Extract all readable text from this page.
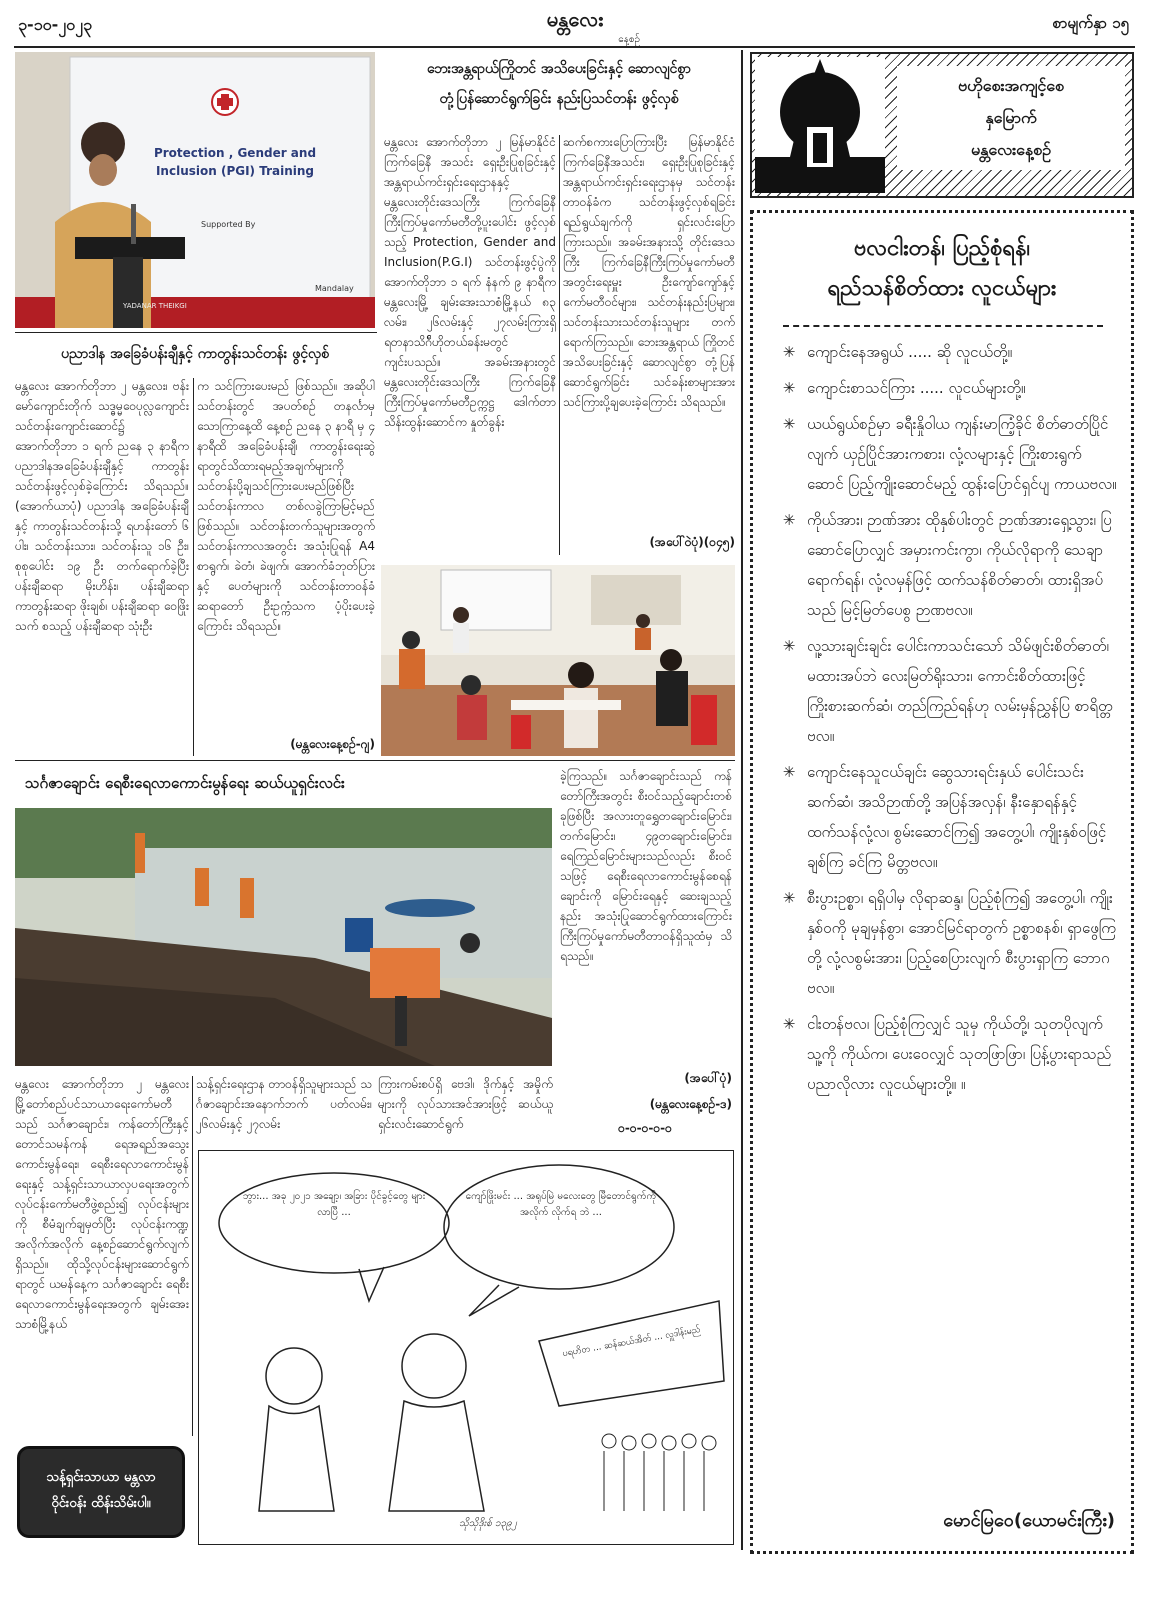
၃-၁၀-၂၀၂၃	မန္တလေး
နေ့စဉ်
စာမျက်နှာ ၁၅
Protection , Gender and Inclusion (PGI) Training
Supported By
YADANAR THEIKGI
Mandalay
ဘေးအန္တရာယ်ကြိုတင် အသိပေးခြင်းနှင့် ဆောလျင်စွာ
တုံ့ပြန်ဆောင်ရွက်ခြင်း နည်းပြသင်တန်း ဖွင့်လှစ်
မန္တလေး အောက်တိုဘာ ၂ မြန်မာနိုင်ငံကြက်ခြေနီ အသင်း ရှေးဦးပြုစုခြင်းနှင့် အန္တရာယ်ကင်းရှင်းရေးဌာနနှင့် မန္တလေးတိုင်းဒေသကြီး ကြက်ခြေနီကြီးကြပ်မှုကော်မတီတို့ပူးပေါင်း ဖွင့်လှစ်သည့် Protection, Gender and Inclusion(P.G.I) သင်တန်းဖွင့်ပွဲကို အောက်တိုဘာ ၁ ရက် နံနက် ၉ နာရီက မန္တလေးမြို့ ချမ်းအေးသာစံမြို့နယ် ၈၃ လမ်း၊ ၂၆လမ်းနှင့် ၂၇လမ်းကြားရှိ ရတနာသိဂ်ီဟိုတယ်ခန်းမတွင် ကျင်းပသည်။ အခမ်းအနားတွင် မန္တလေးတိုင်းဒေသကြီး ကြက်ခြေနီကြီးကြပ်မှုကော်မတီဥက္ကဋ္ဌ ဒေါက်တာ သိန်းထွန်းဆောင်က နှုတ်ခွန်း
ဆက်စကားပြောကြားပြီး မြန်မာနိုင်ငံကြက်ခြေနီအသင်း၊ ရှေးဦးပြုစုခြင်းနှင့် အန္တရာယ်ကင်းရှင်းရေးဌာနမှ သင်တန်းတာဝန်ခံက သင်တန်းဖွင့်လှစ်ရခြင်းရည်ရွယ်ချက်ကို ရှင်းလင်းပြောကြားသည်။ အခမ်းအနားသို့ တိုင်းဒေသကြီး ကြက်ခြေနီကြီးကြပ်မှုကော်မတီအတွင်းရေးမှူး ဦးကျော်ကျော်နှင့် ကော်မတီဝင်များ၊ သင်တန်းနည်းပြများ၊ သင်တန်းသားသင်တန်းသူများ တက်ရောက်ကြသည်။ ဘေးအန္တရာယ် ကြိုတင်အသိပေးခြင်းနှင့် ဆောလျင်စွာ တုံ့ပြန်ဆောင်ရွက်ခြင်း သင်ခန်းစာများအား သင်ကြားပို့ချပေးခဲ့ကြောင်း သိရသည်။
(အပေါ်ဝဲပုံ)(၀၄၅)
ပညာဒါန အခြေခံပန်းချီနှင့် ကာတွန်းသင်တန်း ဖွင့်လှစ်
မန္တလေး အောက်တိုဘာ ၂ မန္တလေး၊ ဗန်းမော်ကျောင်းတိုက် သဒ္ဓမ္မဝေပုလ္လကျောင်း သင်တန်းကျောင်းဆောင်၌ အောက်တိုဘာ ၁ ရက် ညနေ ၃ နာရီက ပညာဒါနအခြေခံပန်းချီနှင့် ကာတွန်း သင်တန်းဖွင့်လှစ်ခဲ့ကြောင်း သိရသည်။ (အောက်ယာပုံ) ပညာဒါန အခြေခံပန်းချီနှင့် ကာတွန်းသင်တန်းသို့ ရဟန်းတော် ၆ ပါး၊ သင်တန်းသား၊ သင်တန်းသူ ၁၆ ဦး၊ စုစုပေါင်း ၁၉ ဦး တက်ရောက်ခဲ့ပြီး ပန်းချီဆရာ မိုးဟိန်း၊ ပန်းချီဆရာ ကာတွန်းဆရာ ဖိုးချစ်၊ ပန်းချီဆရာ ဝေဖြိုးသက် စသည့် ပန်းချီဆရာ သုံးဦး
က သင်ကြားပေးမည် ဖြစ်သည်။ အဆိုပါသင်တန်းတွင် အပတ်စဉ် တနင်္လာမှ သောကြာနေ့ထိ နေ့စဉ် ညနေ ၃ နာရီ မှ ၄ နာရီထိ အခြေခံပန်းချီ၊ ကာတွန်းရေးဆွဲရာတွင်သိထားရမည့်အချက်များကို သင်တန်းပို့ချသင်ကြားပေးမည်ဖြစ်ပြီး သင်တန်းကာလ တစ်လခွဲကြာမြင့်မည် ဖြစ်သည်။ သင်တန်းတက်သူများအတွက် သင်တန်းကာလအတွင်း အသုံးပြုရန် A4 စာရွက်၊ ခဲတံ၊ ခဲဖျက်၊ အောက်ခံဘုတ်ပြားနှင့် ပေတံများကို သင်တန်းတာဝန်ခံ ဆရာတော် ဦးဥက္ကံသက ပံ့ပိုးပေးခဲ့ကြောင်း သိရသည်။
(မန္တလေးနေ့စဉ်-ဂျ)
သင်္ဂဇာချောင်း ရေစီးရေလာကောင်းမွန်ရေး ဆယ်ယူရှင်းလင်း	ခဲ့ကြသည်။ သင်္ဂဇာချောင်းသည် ကန်တော်ကြီးအတွင်း စီးဝင်သည့်ချောင်းတစ်ခုဖြစ်ပြီး အလားတူရွှေတချောင်းမြောင်း၊ တက်မြောင်း၊ ၄၉တချောင်းမြောင်း၊ ရေကြည်မြောင်းများသည်လည်း စီးဝင်သဖြင့် ရေစီးရေလာကောင်းမွန်စေရန် ချောင်းကို မြောင်းရေနှင့် ဆေးချသည့်နည်း အသုံးပြုဆောင်ရွက်ထားကြောင်း ကြီးကြပ်မှုကော်မတီတာဝန်ရှိသူထံမှ သိရသည်။
(အပေါ်ပုံ)
မန္တလေး အောက်တိုဘာ ၂ မန္တလေးမြို့တော်စည်ပင်သာယာရေးကော်မတီသည် သင်္ဂဇာချောင်း၊ ကန်တော်ကြီးနှင့် တောင်သမန်ကန် ရေအရည်အသွေးကောင်းမွန်ရေး၊ ရေစီးရေလာကောင်းမွန်ရေးနှင့် သန့်ရှင်းသာယာလှပရေးအတွက် လုပ်ငန်းကော်မတီဖွဲ့စည်း၍ လုပ်ငန်းများကို စီမံချက်ချမှတ်ပြီး လုပ်ငန်းကဏ္ဍအလိုက်အလိုက် နေ့စဉ်ဆောင်ရွက်လျက်ရှိသည်။ ထိုသို့လုပ်ငန်းများဆောင်ရွက်ရာတွင် ယမန်နေ့က သင်္ဂဇာချောင်း ရေစီးရေလာကောင်းမွန်ရေးအတွက် ချမ်းအေးသာစံမြို့နယ်
သန့်ရှင်းရေးဌာန တာဝန်ရှိသူများသည် သင်္ဂဇာချောင်းအနောက်ဘက် ပတ်လမ်း၊ ၂၆လမ်းနှင့် ၂၇လမ်း
ကြားကမ်းစပ်ရှိ ဗေဒါ၊ ဒိုက်နှင့် အမှိုက်များကို လုပ်သားအင်အားဖြင့် ဆယ်ယူရှင်းလင်းဆောင်ရွက်
(မန္တလေးနေ့စဉ်-ဒ)
၀-၀-၀-၀-၀
သန့်ရှင်းသာယာ မန္တလာ
ဝိုင်းဝန်း ထိန်းသိမ်းပါ။
ဘွား... အခု ၂၀၂၁ အချော့၊ အခြား ပိုင်ခွင့်တွေ များလာပြီ ...
ကျော်ဖြိုးမင်း ... အရုပ်မြဲ မလေးတွေ မြီတောင်ရွက်ကို အလိုက် လိုက်ရ ဘဲ ...
ပရဟိတ ... ဆန်ဆယ်အိတ် ... လှူဒါန်းမည်
သိုသိုဒိုးစ် ၁၃၉၂
ဗဟိုစေးအကျင့်စေ
နှမြောက်
မန္တလေးနေ့စဉ်
ဗလငါးတန်၊ ပြည့်စုံရန်၊
ရည်သန်စိတ်ထား လူငယ်များ
✳ ကျောင်းနေအရွယ် ..... ဆို လူငယ်တို့။
✳ ကျောင်းစာသင်ကြား ..... လူငယ်များတို့။
✳ ယယ်ရွယ်စဉ်မှာ ခရီးနှိုဝါယ ကျန်းမာကြံ့ခိုင် စိတ်ဓာတ်ပြိုင်လျက် ယှဉ်ပြိုင်အားကစား၊ လုံ့လများနှင့် ကြိုးစားရွက်ဆောင် ပြည့်ကျိုးဆောင်မည့် ထွန်းပြောင်ရှင်ပျ ကာယဗလ။
✳ ကိုယ်အား၊ ဉာဏ်အား ထိုနှစ်ပါးတွင် ဉာဏ်အားရှေ့သွား၊ ပြဆောင်ပြောလျှင် အမှားကင်းကွာ၊ ကိုယ်လိုရာကို သေချာရောက်ရန်၊ လုံ့လမှန်ဖြင့် ထက်သန်စိတ်ဓာတ်၊ ထားရှိအပ်သည် မြင့်မြတ်ပေစွ ဉာဏဗလ။
✳ လူ့သားချင်းချင်း ပေါင်းကာသင်းသော် သိမ်ဖျင်းစိတ်ဓာတ်၊ မထားအပ်ဘဲ လေးမြတ်ရိုးသား၊ ကောင်းစိတ်ထားဖြင့် ကြိုးစားဆက်ဆံ၊ တည်ကြည်ရန်ဟု လမ်းမှန်ညွှန်ပြ စာရိတ္တဗလ။
✳ ကျောင်းနေသူငယ်ချင်း ဆွေသားရင်းနှယ် ပေါင်းသင်းဆက်ဆံ၊ အသိဉာဏ်တို့ အပြန်အလှန်၊ နီးနှောရန်နှင့် ထက်သန်လုံ့လ၊ စွမ်းဆောင်ကြ၍ အတွေ့ပါ၊ ကျိုးနှစ်ဝဖြင့် ချစ်ကြ ခင်ကြ မိတ္တဗလ။
✳ စီးပွားဥစ္စာ၊ ရရှိပါမှ လိုရာဆန္ဒ၊ ပြည့်စုံကြ၍ အတွေ့ပါ၊ ကျိုးနှစ်ဝကို မုချမှန်စွာ၊ အောင်မြင်ရာတွက် ဥစ္စာစနစ်၊ ရှာဖွေကြတို့ လုံ့လစွမ်းအား၊ ပြည့်စေပြားလျက် စီးပွားရှာကြ ဘောဂဗလ။
✳ ငါးတန်ဗလ၊ ပြည့်စုံကြလျှင် သူမှ ကိုယ်တို့၊ သုတပိုလျက် သူ့ကို ကိုယ်က၊ ပေးဝေလျှင် သုတဖြာဖြာ၊ ပြန့်ပွားရာသည် ပညာလိုလား လူငယ်များတို့။ ။
မောင်မြဝေ(ယောမင်းကြီး)
